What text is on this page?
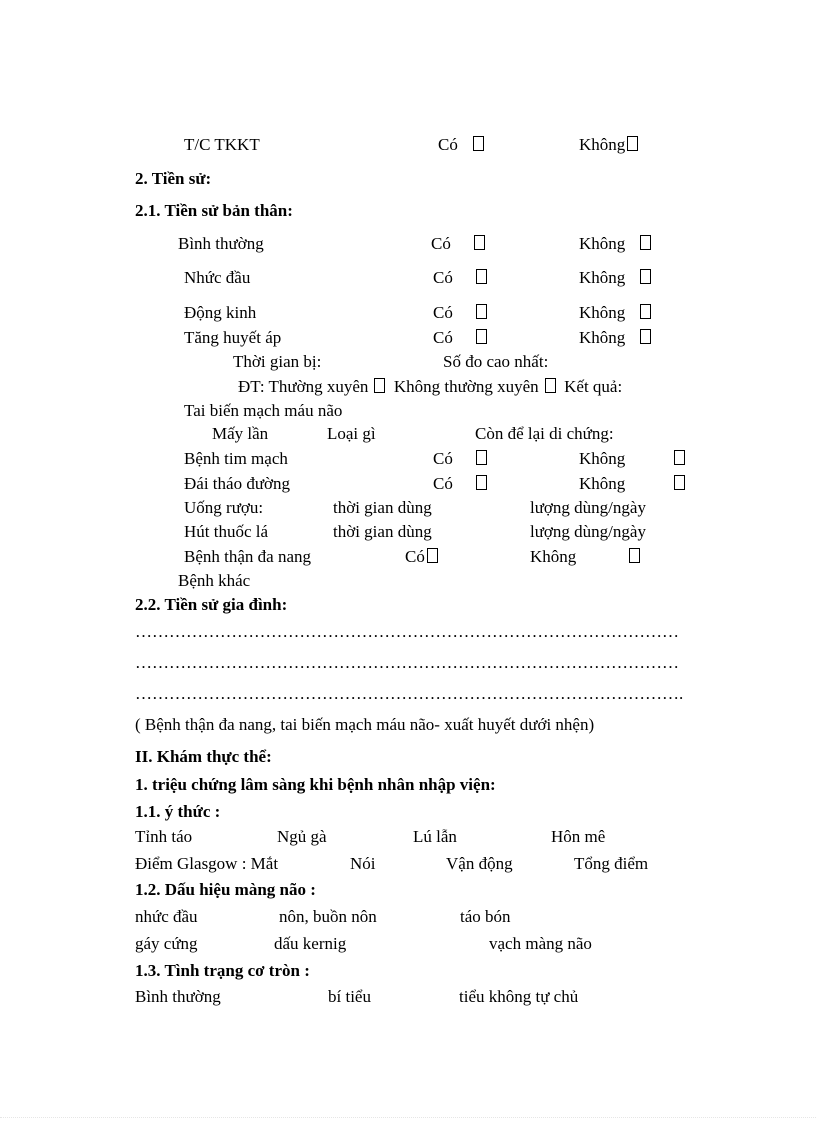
T/C TKKT	Có	Không
2. Tiền sử:
2.1. Tiền sử bản thân:
Bình thường	Có	Không
Nhức đầu	Có	Không
Động kinh	Có	Không
Tăng huyết áp	Có	Không
Thời gian bị:	Số đo cao nhất:
ĐT: Thường xuyên Không thường xuyên Kết quả:
Tai biến mạch máu não
Mấy lần	Loại gì	Còn để lại di chứng:
Bệnh tim mạch	Có	Không
Đái tháo đường	Có	Không
Uống rượu:	thời gian dùng	lượng dùng/ngày
Hút thuốc lá	thời gian dùng	lượng dùng/ngày
Bệnh thận đa nang	Có	Không
Bệnh khác
2.2. Tiền sử gia đình:
……………………………………………………………………………………
……………………………………………………………………………………
…………………………………………………………………………………….
( Bệnh thận đa nang, tai biến mạch máu não- xuất huyết dưới nhện)
II. Khám thực thể:
1. triệu chứng lâm sàng khi bệnh nhân nhập viện:
1.1. ý thức :
Tỉnh táo	Ngủ gà	Lú lẫn	Hôn mê
Điểm Glasgow : Mắt	Nói	Vận động	Tổng điểm
1.2. Dấu hiệu màng não :
nhức đầu	nôn, buồn nôn	táo bón
gáy cứng	dấu kernig	vạch màng não
1.3. Tình trạng cơ tròn :
Bình thường	bí tiểu	tiểu không tự chủ
